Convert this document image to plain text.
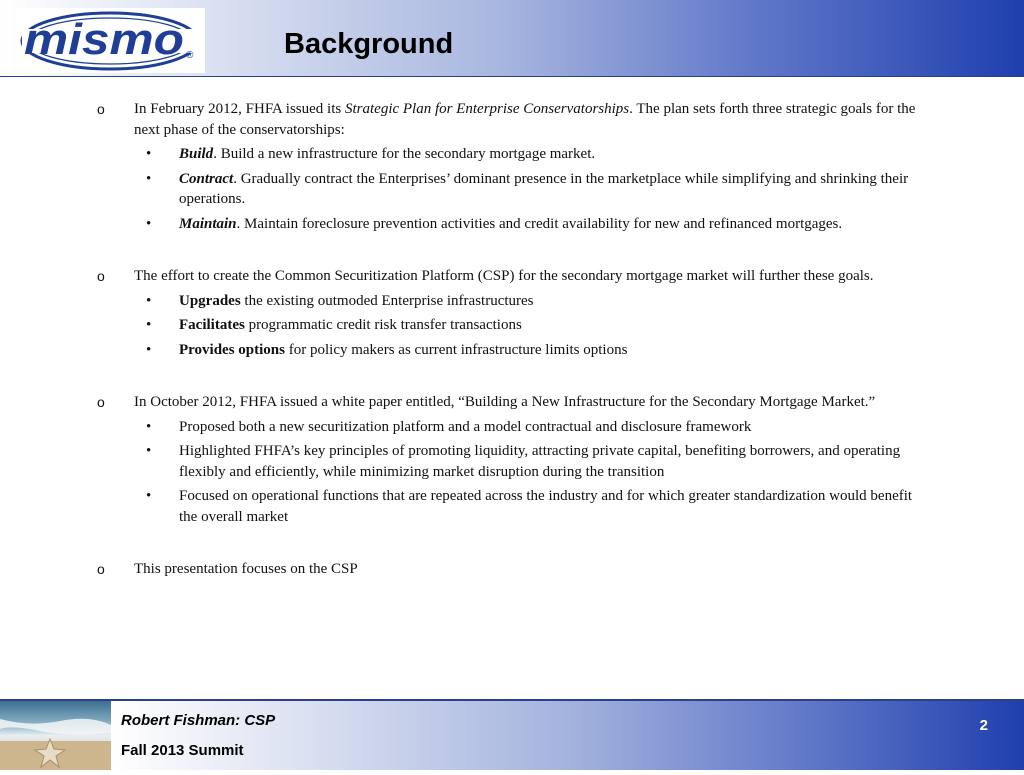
mismo ®	Background
o In February 2012, FHFA issued its Strategic Plan for Enterprise Conservatorships. The plan sets forth three strategic goals for the next phase of the conservatorships:
• Build. Build a new infrastructure for the secondary mortgage market.
• Contract. Gradually contract the Enterprises’ dominant presence in the marketplace while simplifying and shrinking their operations.
• Maintain. Maintain foreclosure prevention activities and credit availability for new and refinanced mortgages.
o The effort to create the Common Securitization Platform (CSP) for the secondary mortgage market will further these goals.
• Upgrades the existing outmoded Enterprise infrastructures
• Facilitates programmatic credit risk transfer transactions
• Provides options for policy makers as current infrastructure limits options
o In October 2012, FHFA issued a white paper entitled, “Building a New Infrastructure for the Secondary Mortgage Market.”
• Proposed both a new securitization platform and a model contractual and disclosure framework
• Highlighted FHFA’s key principles of promoting liquidity, attracting private capital, benefiting borrowers, and operating flexibly and efficiently, while minimizing market disruption during the transition
• Focused on operational functions that are repeated across the industry and for which greater standardization would benefit the overall market
o This presentation focuses on the CSP
Robert Fishman: CSP
Fall 2013 Summit
2
